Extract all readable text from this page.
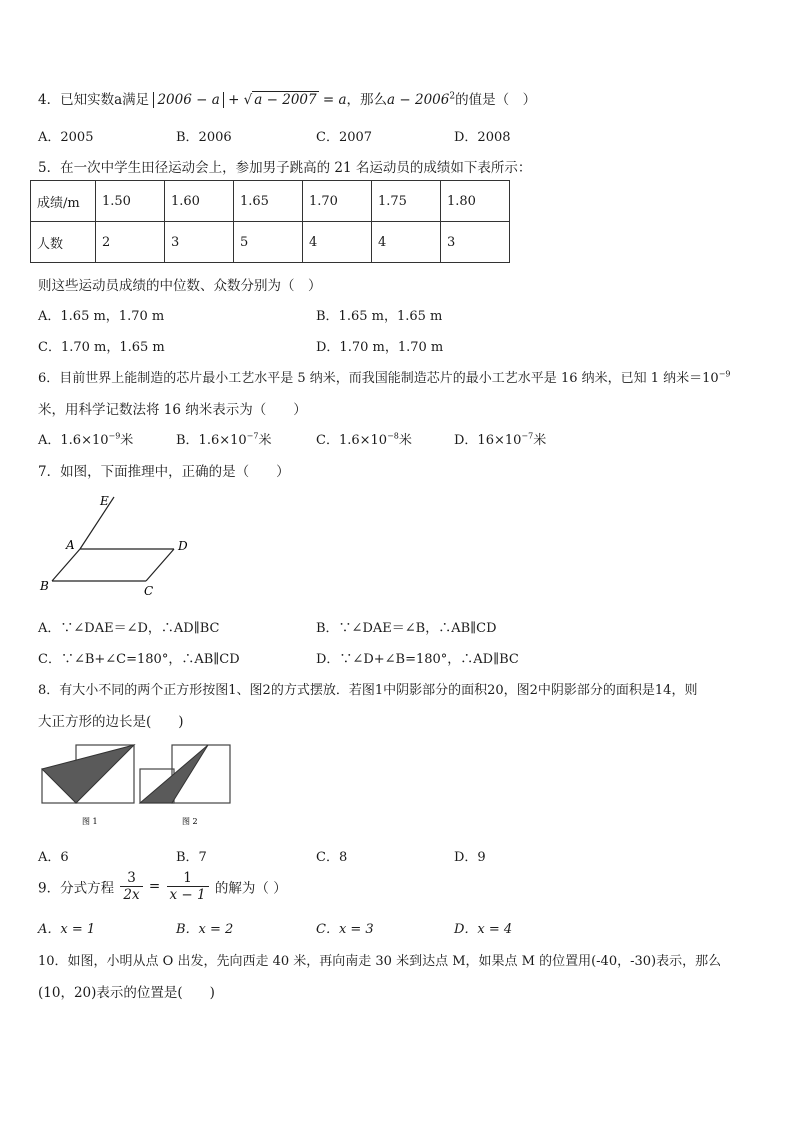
4．已知实数a满足 2006 − a + √ a − 2007 = a，那么$a - 2006^2$的值是（　）
A．2005	B．2006	C．2007	D．2008
5．在一次中学生田径运动会上，参加男子跳高的 21 名运动员的成绩如下表所示：
成绩/m	1.50	1.60	1.65	1.70	1.75	1.80
人数	2	3	5	4	4	3
则这些运动员成绩的中位数、众数分别为（　）
A．1.65 m，1.70 m	B．1.65 m，1.65 m
C．1.70 m，1.65 m	D．1.70 m，1.70 m
6．目前世界上能制造的芯片最小工艺水平是 5 纳米，而我国能制造芯片的最小工艺水平是 16 纳米，已知 1 纳米$=10^{-9}$
米，用科学记数法将 16 纳米表示为（　　）
A．$1.6\times 10^{-9}$米	B．$1.6\times 10^{-7}$米	C．$1.6\times 10^{-8}$米	D．$16\times 10^{-7}$米
7．如图，下面推理中，正确的是（　　）
E
A	D
B	C
A．∵∠DAE＝∠D，∴AD∥BC	B．∵∠DAE＝∠B，∴AB∥CD
C．∵∠B+∠C=180°，∴AB∥CD	D．∵∠D+∠B=180°，∴AD∥BC
8．有大小不同的两个正方形按图1、图2的方式摆放．若图1中阴影部分的面积20，图2中阴影部分的面积是14，则
大正方形的边长是(　　)
图 1	图 2
A．6	B．7	C．8	D．9
9．分式方程 $\frac{3}{2x} = \frac{1}{x - 1}$ 的解为（ ）
A．x = 1	B．x = 2	C．x = 3	D．x = 4
10．如图，小明从点 O 出发，先向西走 40 米，再向南走 30 米到达点 M，如果点 M 的位置用(-40，-30)表示，那么
(10，20)表示的位置是(　　)
